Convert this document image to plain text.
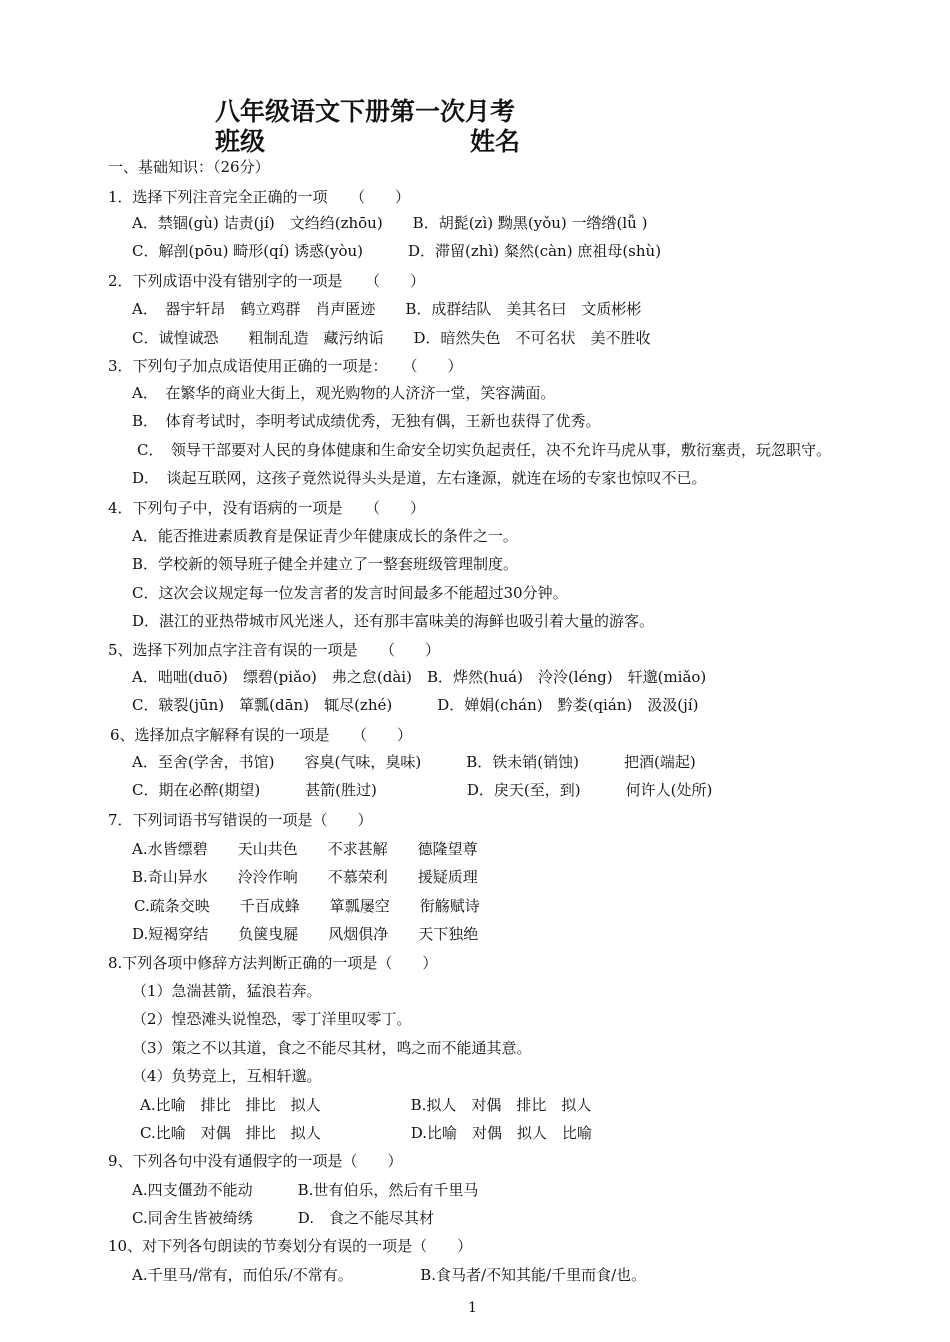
八年级语文下册第一次月考
班级	姓名
一、基础知识：（26分）
1．选择下列注音完全正确的一项　　（　　）
A．禁锢(gù) 诘责(jí)　文绉绉(zhōu)　　B．胡髭(zì) 黝黑(yǒu) 一绺绺(lǚ )
C．解剖(pōu) 畸形(qí) 诱惑(yòu)　　　D．滞留(zhì) 粲然(càn) 庶祖母(shù)
2．下列成语中没有错别字的一项是　　（　　）
A．　器宇轩昂　鹤立鸡群　肖声匿迹　　B．成群结队　美其名曰　文质彬彬
C．诚惶诚恐　　粗制乱造　藏污纳诟　　D．暗然失色　不可名状　美不胜收
3．下列句子加点成语使用正确的一项是：　　（　　）
A．　在繁华的商业大街上，观光购物的人济济一堂，笑容满面。
B．　体育考试时，李明考试成绩优秀，无独有偶，王新也获得了优秀。
C．　领导干部要对人民的身体健康和生命安全切实负起责任，决不允许马虎从事，敷衍塞责，玩忽职守。
D．　谈起互联网，这孩子竟然说得头头是道，左右逢源，就连在场的专家也惊叹不已。
4．下列句子中，没有语病的一项是　　（　　）
A．能否推进素质教育是保证青少年健康成长的条件之一。
B．学校新的领导班子健全并建立了一整套班级管理制度。
C．这次会议规定每一位发言者的发言时间最多不能超过30分钟。
D．湛江的亚热带城市风光迷人，还有那丰富味美的海鲜也吸引着大量的游客。
5、选择下列加点字注音有误的一项是　　（　　）
A．咄咄(duō)　缥碧(piǎo)　弗之怠(dài)　B．烨然(huá)　泠泠(léng)　轩邈(miǎo)
C．皲裂(jūn)　箪瓢(dān)　辄尽(zhé)　　　D．婵娟(chán)　黔娄(qián)　汲汲(jí)
6、选择加点字解释有误的一项是　　（　　）
A．至舍(学舍，书馆)　　容臭(气味，臭味)　　　B．铁未销(销蚀)　　　把酒(端起)
C．期在必醉(期望)　　　甚箭(胜过)　　　　　　D．戾天(至，到)　　　何许人(处所)
7．下列词语书写错误的一项是（　　）
A.水皆缥碧　　天山共色　　不求甚解　　德隆望尊
B.奇山异水　　泠泠作响　　不慕荣利　　援疑质理
C.疏条交映　　千百成蜂　　箪瓢屡空　　衔觞赋诗
D.短褐穿结　　负箧曳屣　　风烟俱净　　天下独绝
8.下列各项中修辞方法判断正确的一项是（　　）
（1）急湍甚箭，猛浪若奔。
（2）惶恐滩头说惶恐，零丁洋里叹零丁。
（3）策之不以其道，食之不能尽其材，鸣之而不能通其意。
（4）负势竞上，互相轩邈。
A.比喻　排比　排比　拟人　　　　　　B.拟人　对偶　排比　拟人
C.比喻　对偶　排比　拟人　　　　　　D.比喻　对偶　拟人　比喻
9、下列各句中没有通假字的一项是（　　）
A.四支僵劲不能动　　　B.世有伯乐，然后有千里马
C.同舍生皆被绮绣　　　D.　食之不能尽其材
10、对下列各句朗读的节奏划分有误的一项是（　　）
A.千里马/常有，而伯乐/不常有。　　　　　B.食马者/不知其能/千里而食/也。
1
